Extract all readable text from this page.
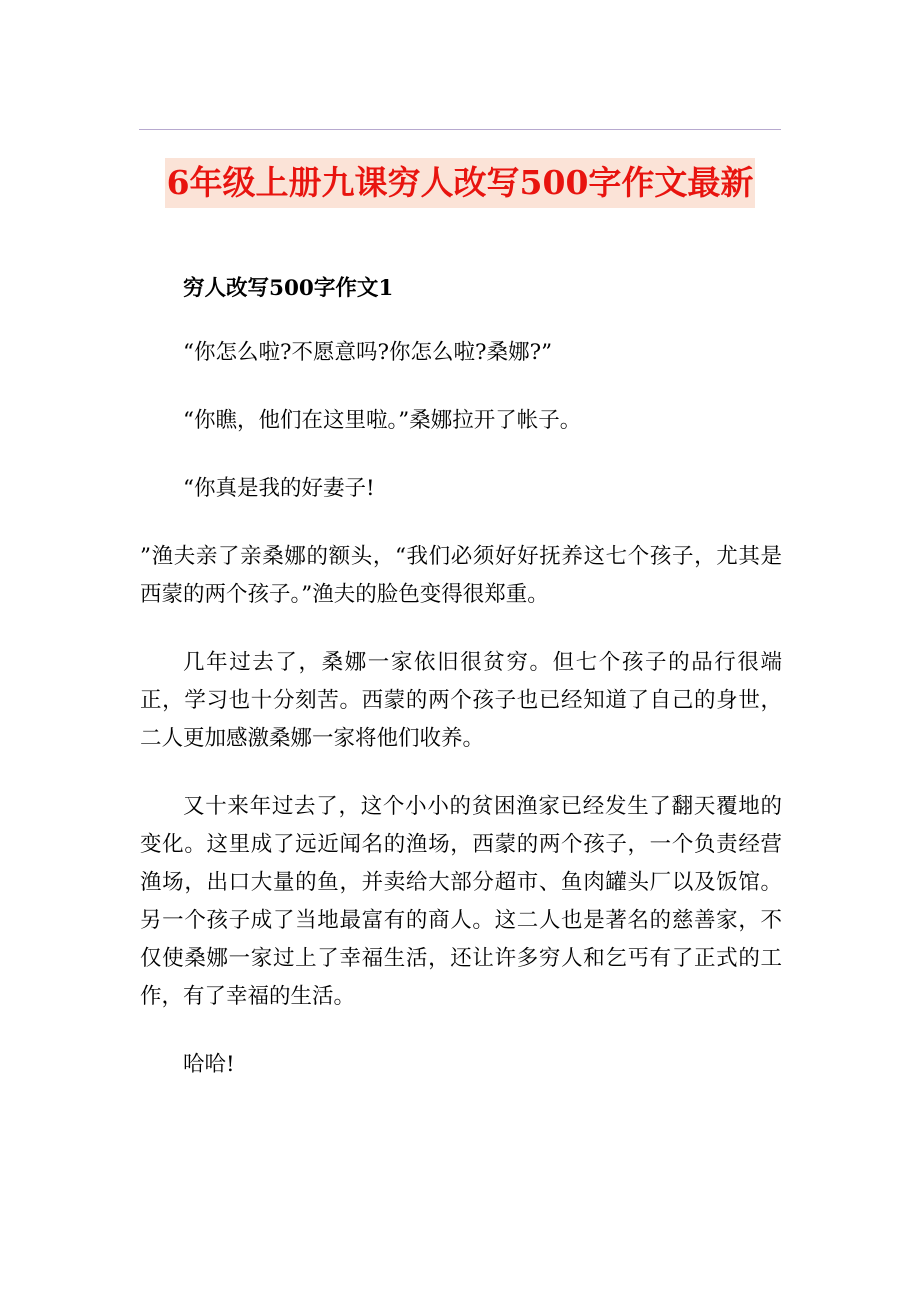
6年级上册九课穷人改写500字作文最新

穷人改写500字作文1

“你怎么啦?不愿意吗?你怎么啦?桑娜?”

“你瞧，他们在这里啦。”桑娜拉开了帐子。

“你真是我的好妻子!

”渔夫亲了亲桑娜的额头，“我们必须好好抚养这七个孩子，尤其是西蒙的两个孩子。”渔夫的脸色变得很郑重。

几年过去了，桑娜一家依旧很贫穷。但七个孩子的品行很端正，学习也十分刻苦。西蒙的两个孩子也已经知道了自己的身世，二人更加感激桑娜一家将他们收养。

又十来年过去了，这个小小的贫困渔家已经发生了翻天覆地的变化。这里成了远近闻名的渔场，西蒙的两个孩子，一个负责经营渔场，出口大量的鱼，并卖给大部分超市、鱼肉罐头厂以及饭馆。另一个孩子成了当地最富有的商人。这二人也是著名的慈善家，不仅使桑娜一家过上了幸福生活，还让许多穷人和乞丐有了正式的工作，有了幸福的生活。

哈哈!
